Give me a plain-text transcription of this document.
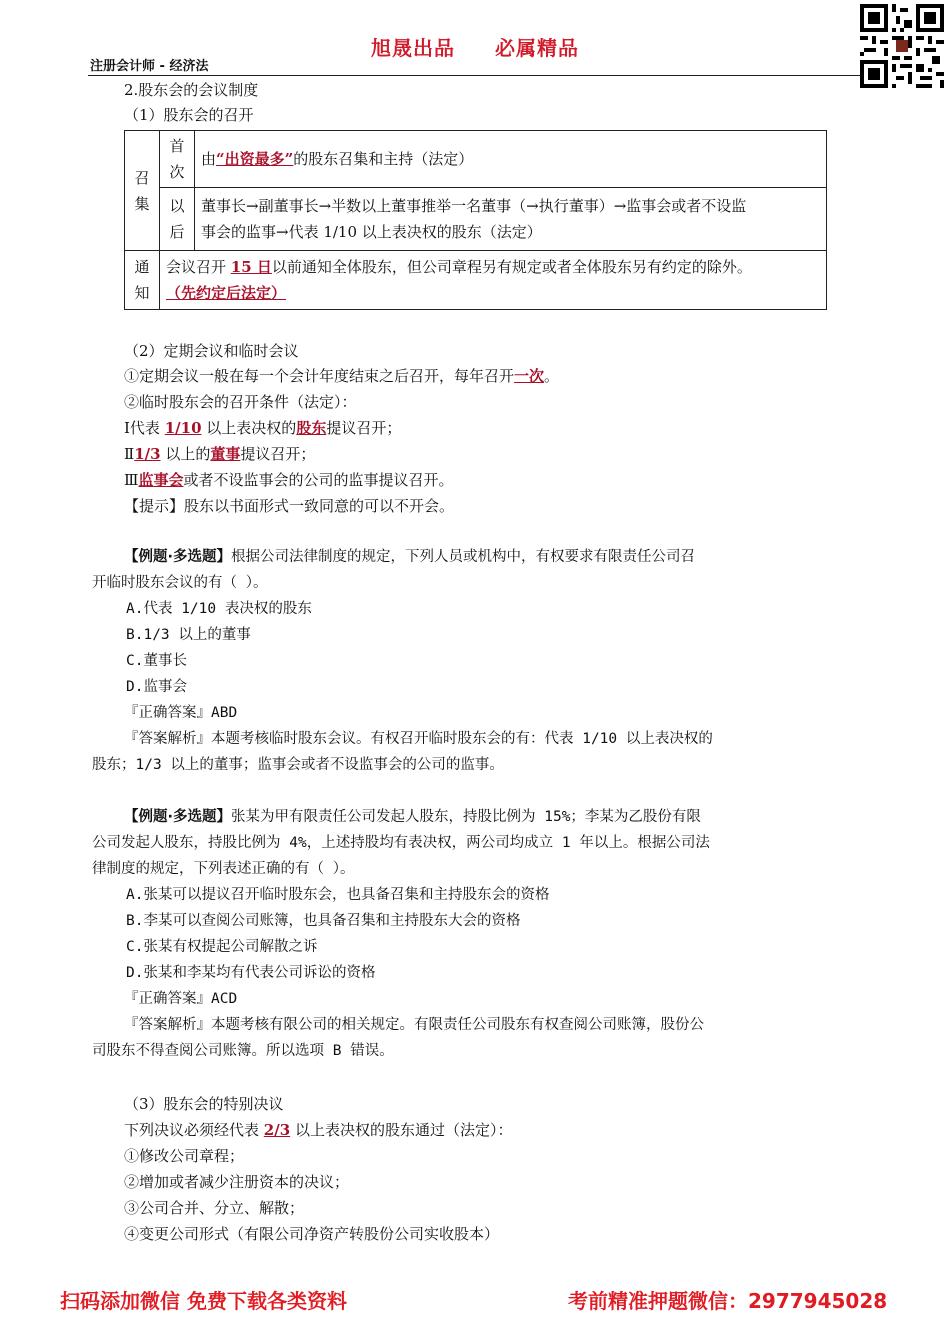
旭晟出品 必属精品
注册会计师 - 经济法
2.股东会的会议制度
（1）股东会的召开
召集	首次	由“出资最多”的股东召集和主持（法定）

	以后	董事长→副董事长→半数以上董事推举一名董事（→执行董事）→监事会或者不设监
事会的监事→代表 1/10 以上表决权的股东（法定）

通知	会议召开 15 日以前通知全体股东，但公司章程另有规定或者全体股东另有约定的除外。
（先约定后法定）	
（2）定期会议和临时会议
①定期会议一般在每一个会计年度结束之后召开，每年召开一次。
②临时股东会的召开条件（法定）：
Ⅰ代表 1/10 以上表决权的股东提议召开；
Ⅱ1/3 以上的董事提议召开；
Ⅲ监事会或者不设监事会的公司的监事提议召开。
【提示】股东以书面形式一致同意的可以不开会。
【例题·多选题】根据公司法律制度的规定，下列人员或机构中，有权要求有限责任公司召
开临时股东会议的有（ ）。
A.代表 1/10 表决权的股东
B.1/3 以上的董事
C.董事长
D.监事会
『正确答案』ABD
『答案解析』本题考核临时股东会议。有权召开临时股东会的有：代表 1/10 以上表决权的
股东；1/3 以上的董事；监事会或者不设监事会的公司的监事。
【例题·多选题】张某为甲有限责任公司发起人股东，持股比例为 15%；李某为乙股份有限
公司发起人股东，持股比例为 4%，上述持股均有表决权，两公司均成立 1 年以上。根据公司法
律制度的规定，下列表述正确的有（ ）。
A.张某可以提议召开临时股东会，也具备召集和主持股东会的资格
B.李某可以查阅公司账簿，也具备召集和主持股东大会的资格
C.张某有权提起公司解散之诉
D.张某和李某均有代表公司诉讼的资格
『正确答案』ACD
『答案解析』本题考核有限公司的相关规定。有限责任公司股东有权查阅公司账簿，股份公
司股东不得查阅公司账簿。所以选项 B 错误。
（3）股东会的特别决议
下列决议必须经代表 2/3 以上表决权的股东通过（法定）：
①修改公司章程；
②增加或者减少注册资本的决议；
③公司合并、分立、解散；
④变更公司形式（有限公司净资产转股份公司实收股本）
扫码添加微信 免费下载各类资料	考前精准押题微信：2977945028
